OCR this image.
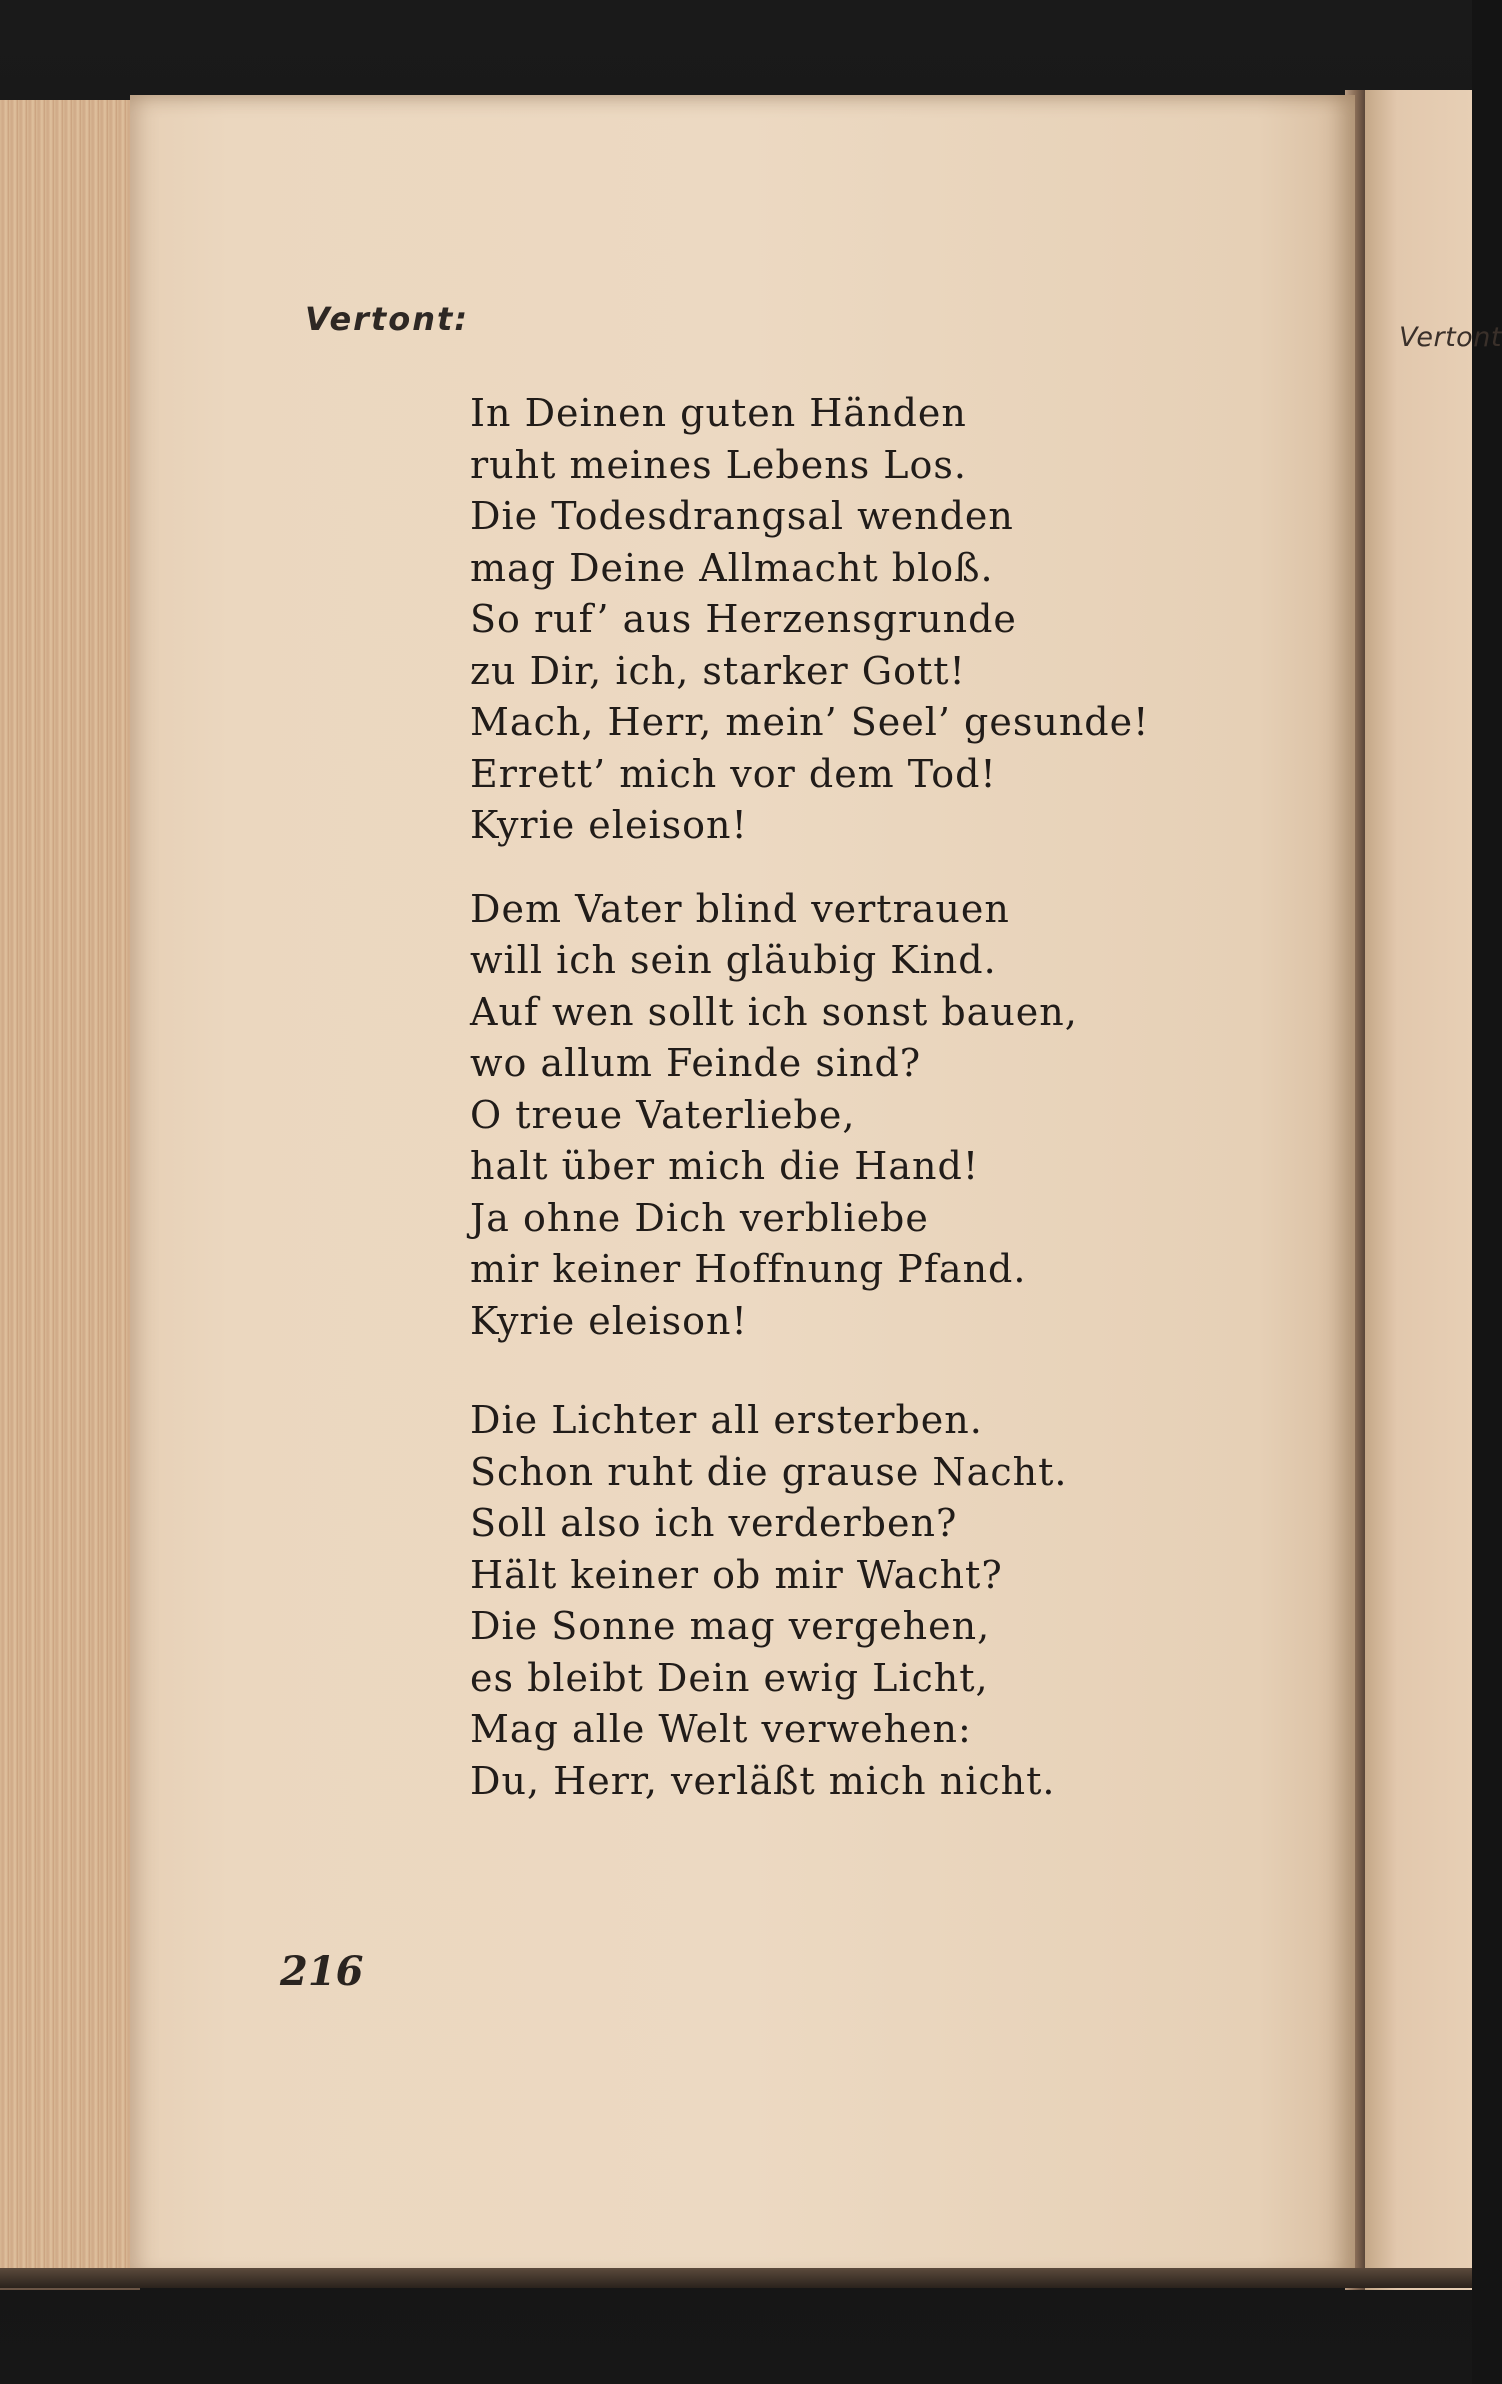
Vertont
Vertont:
In Deinen guten Händen
ruht meines Lebens Los.
Die Todesdrangsal wenden
mag Deine Allmacht bloß.
So ruf’ aus Herzensgrunde
zu Dir, ich, starker Gott!
Mach, Herr, mein’ Seel’ gesunde!
Errett’ mich vor dem Tod!
Kyrie eleison!
Dem Vater blind vertrauen
will ich sein gläubig Kind.
Auf wen sollt ich sonst bauen,
wo allum Feinde sind?
O treue Vaterliebe,
halt über mich die Hand!
Ja ohne Dich verbliebe
mir keiner Hoffnung Pfand.
Kyrie eleison!
Die Lichter all ersterben.
Schon ruht die grause Nacht.
Soll also ich verderben?
Hält keiner ob mir Wacht?
Die Sonne mag vergehen,
es bleibt Dein ewig Licht,
Mag alle Welt verwehen:
Du, Herr, verläßt mich nicht.
216
